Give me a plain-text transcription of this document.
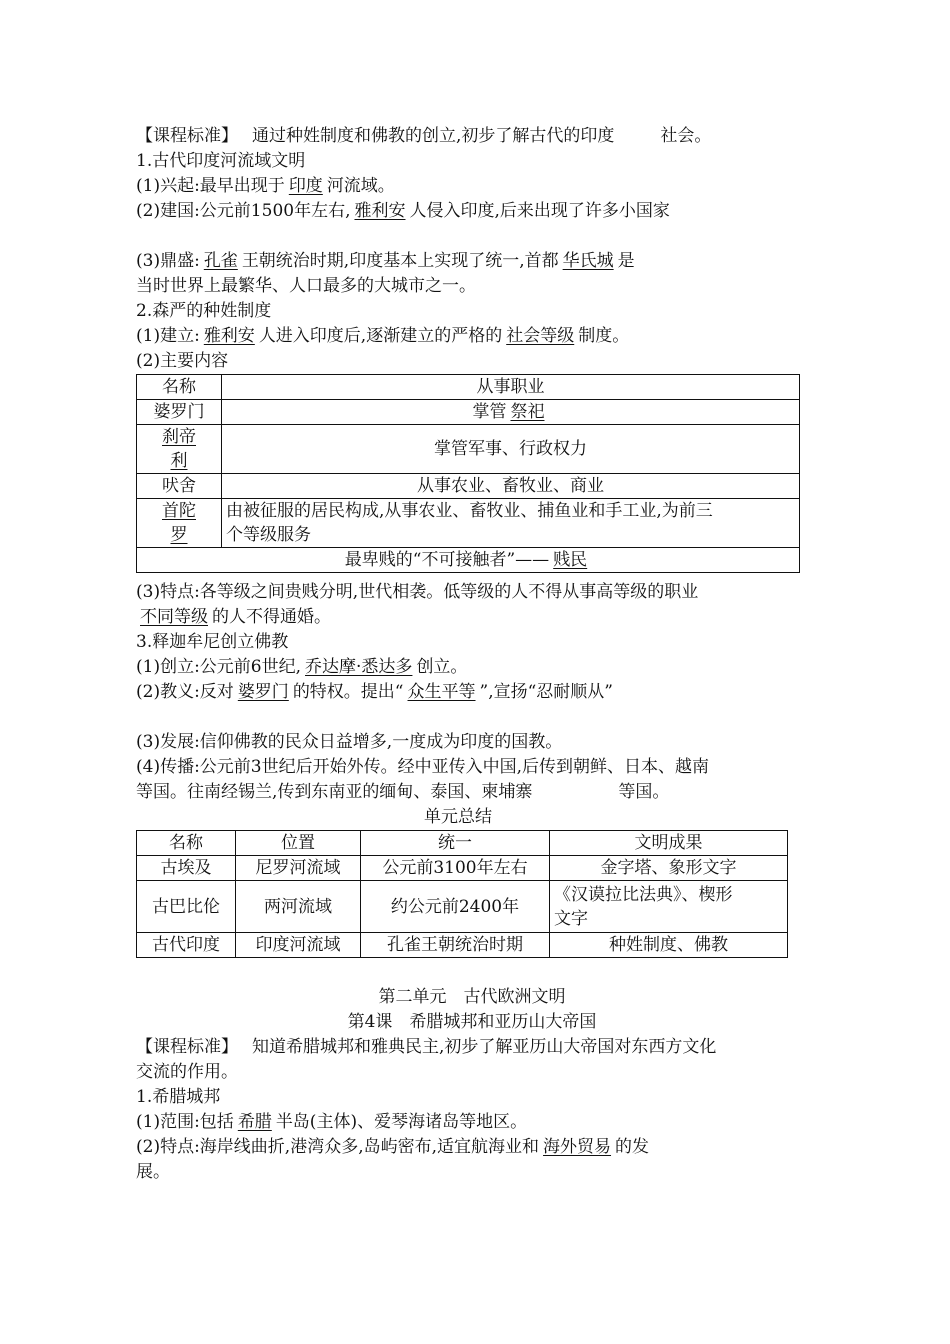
【课程标准】 通过种姓制度和佛教的创立,初步了解古代的印度	社会。
1.古代印度河流域文明
(1)兴起:最早出现于 印度 河流域。
(2)建国:公元前1500年左右, 雅利安 人侵入印度,后来出现了许多小国家
(3)鼎盛: 孔雀 王朝统治时期,印度基本上实现了统一,首都 华氏城 是
当时世界上最繁华、人口最多的大城市之一。
2.森严的种姓制度
(1)建立: 雅利安 人进入印度后,逐渐建立的严格的 社会等级 制度。
(2)主要内容
名称	从事职业
婆罗门	掌管 祭祀
刹帝
利	掌管军事、行政权力
吠舍	从事农业、畜牧业、商业
首陀
罗	由被征服的居民构成,从事农业、畜牧业、捕鱼业和手工业,为前三
个等级服务
最卑贱的“不可接触者”—— 贱民	
(3)特点:各等级之间贵贱分明,世代相袭。低等级的人不得从事高等级的职业
不同等级 的人不得通婚。
3.释迦牟尼创立佛教
(1)创立:公元前6世纪, 乔达摩·悉达多 创立。
(2)教义:反对 婆罗门 的特权。提出“ 众生平等 ”,宣扬“忍耐顺从”
(3)发展:信仰佛教的民众日益增多,一度成为印度的国教。
(4)传播:公元前3世纪后开始外传。经中亚传入中国,后传到朝鲜、日本、越南
等国。往南经锡兰,传到东南亚的缅甸、泰国、柬埔寨	等国。
单元总结
名称	位置	统一	文明成果
古埃及	尼罗河流域	公元前3100年左右	金字塔、象形文字
古巴比伦	两河流域	约公元前2400年	《汉谟拉比法典》、楔形
文字
古代印度	印度河流域	孔雀王朝统治时期	种姓制度、佛教
第二单元　古代欧洲文明
第4课　希腊城邦和亚历山大帝国
【课程标准】 知道希腊城邦和雅典民主,初步了解亚历山大帝国对东西方文化
交流的作用。
1.希腊城邦
(1)范围:包括 希腊 半岛(主体)、爱琴海诸岛等地区。
(2)特点:海岸线曲折,港湾众多,岛屿密布,适宜航海业和 海外贸易 的发
展。
